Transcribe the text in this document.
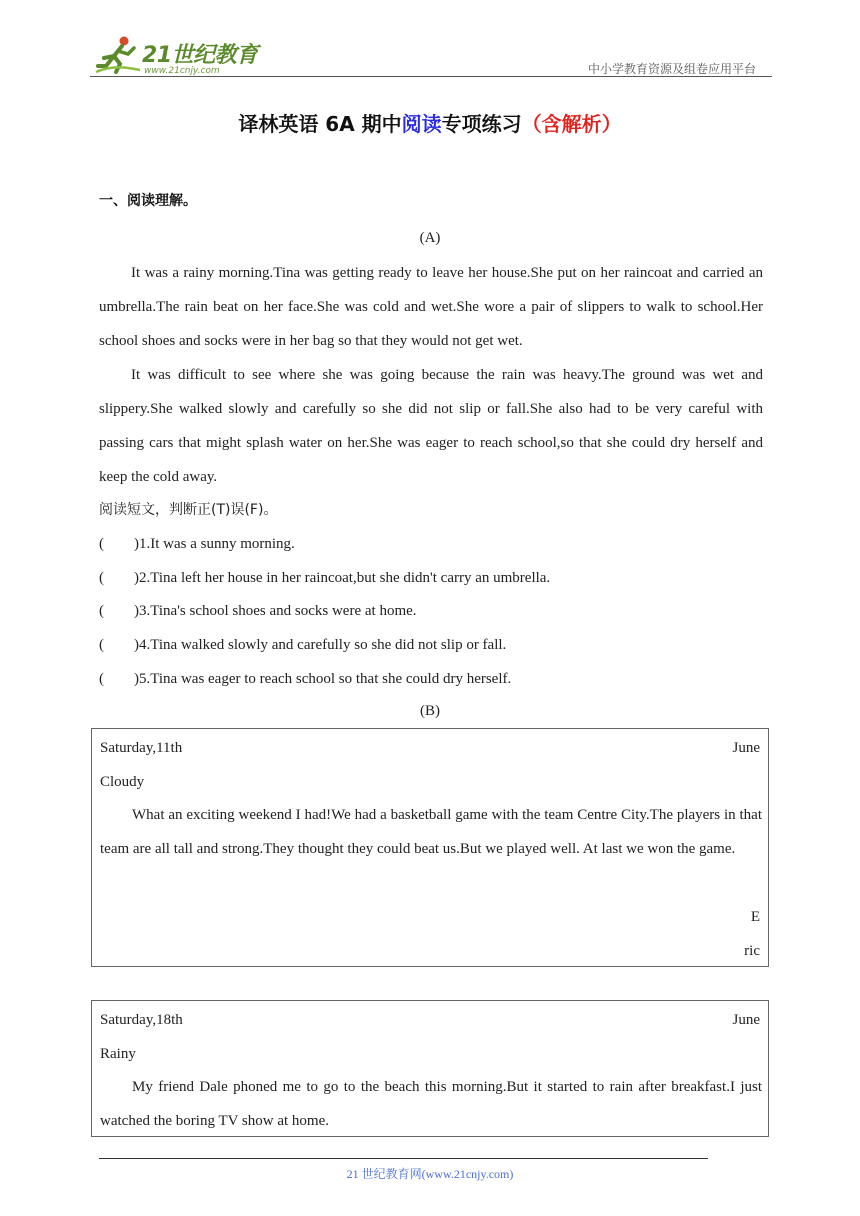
21世纪教育
www.21cnjy.com	中小学教育资源及组卷应用平台
译林英语 6A 期中阅读专项练习（含解析）
一、阅读理解。
(A)
It was a rainy morning.Tina was getting ready to leave her house.She put on her raincoat and carried an umbrella.The rain beat on her face.She was cold and wet.She wore a pair of slippers to walk to school.Her school shoes and socks were in her bag so that they would not get wet.
It was difficult to see where she was going because the rain was heavy.The ground was wet and slippery.She walked slowly and carefully so she did not slip or fall.She also had to be very careful with passing cars that might splash water on her.She was eager to reach school,so that she could dry herself and keep the cold away.
阅读短文，判断正(T)误(F)。
(        )1.It was a sunny morning.
(        )2.Tina left her house in her raincoat,but she didn't carry an umbrella.
(        )3.Tina's school shoes and socks were at home.
(        )4.Tina walked slowly and carefully so she did not slip or fall.
(        )5.Tina was eager to reach school so that she could dry herself.
(B)
Saturday,11th	June
Cloudy
What an exciting weekend I had!We had a basketball game with the team Centre City.The players in that team are all tall and strong.They thought they could beat us.But we played well. At last we won the game.
E
ric
Saturday,18th	June
Rainy
My friend Dale phoned me to go to the beach this morning.But it started to rain after breakfast.I just watched the boring TV show at home.
21 世纪教育网(www.21cnjy.com)
